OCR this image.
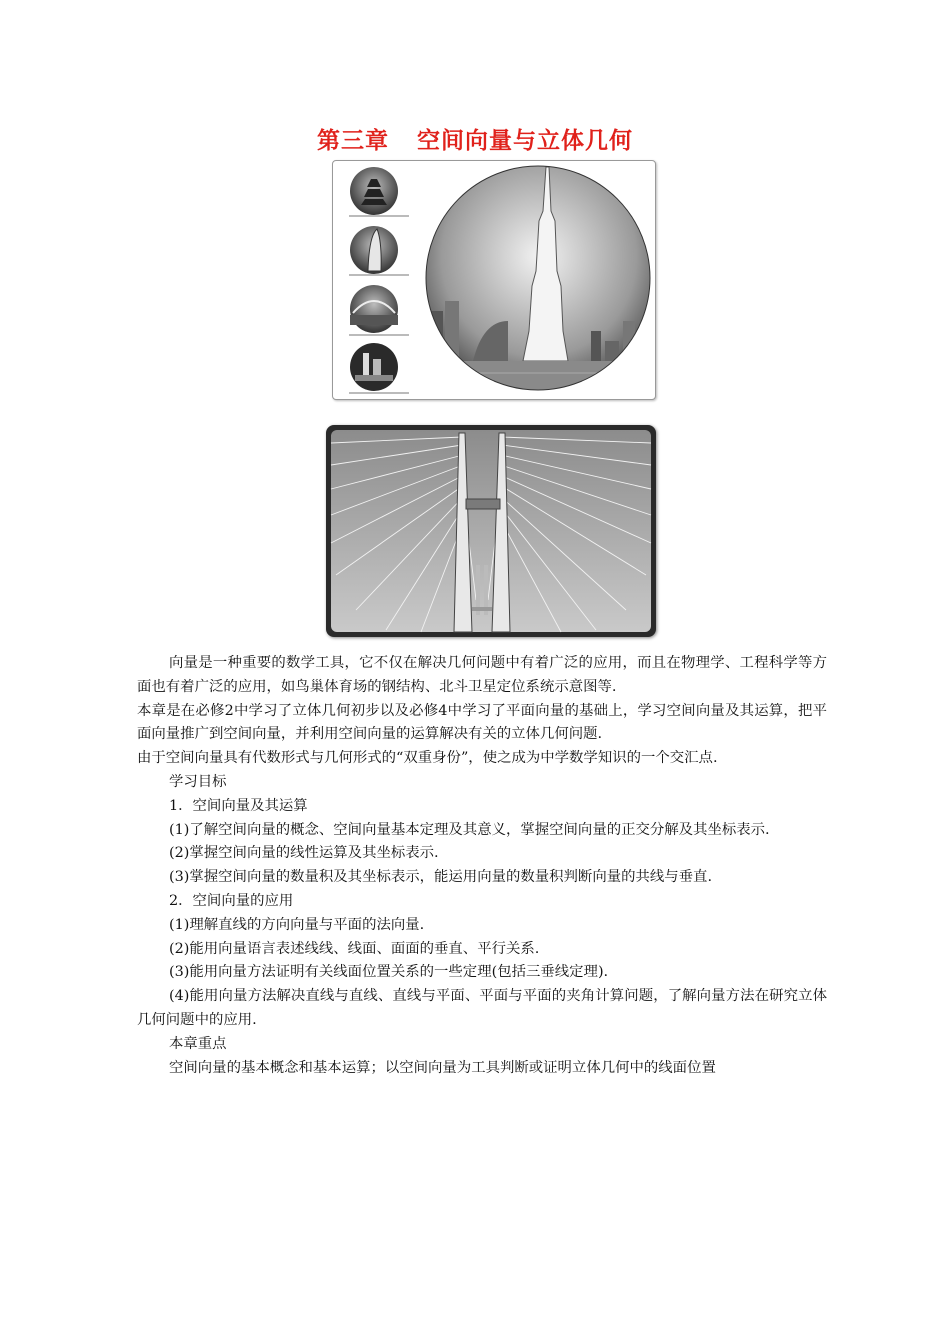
第三章 空间向量与立体几何

向量是一种重要的数学工具，它不仅在解决几何问题中有着广泛的应用，而且在物理学、工程科学等方面也有着广泛的应用，如鸟巢体育场的钢结构、北斗卫星定位系统示意图等.

本章是在必修2中学习了立体几何初步以及必修4中学习了平面向量的基础上，学习空间向量及其运算，把平面向量推广到空间向量，并利用空间向量的运算解决有关的立体几何问题.

由于空间向量具有代数形式与几何形式的“双重身份”，使之成为中学数学知识的一个交汇点.

学习目标

1．空间向量及其运算

(1)了解空间向量的概念、空间向量基本定理及其意义，掌握空间向量的正交分解及其坐标表示.

(2)掌握空间向量的线性运算及其坐标表示.

(3)掌握空间向量的数量积及其坐标表示，能运用向量的数量积判断向量的共线与垂直.

2．空间向量的应用

(1)理解直线的方向向量与平面的法向量.

(2)能用向量语言表述线线、线面、面面的垂直、平行关系.

(3)能用向量方法证明有关线面位置关系的一些定理(包括三垂线定理).

(4)能用向量方法解决直线与直线、直线与平面、平面与平面的夹角计算问题，了解向量方法在研究立体几何问题中的应用.

本章重点

空间向量的基本概念和基本运算；以空间向量为工具判断或证明立体几何中的线面位置
